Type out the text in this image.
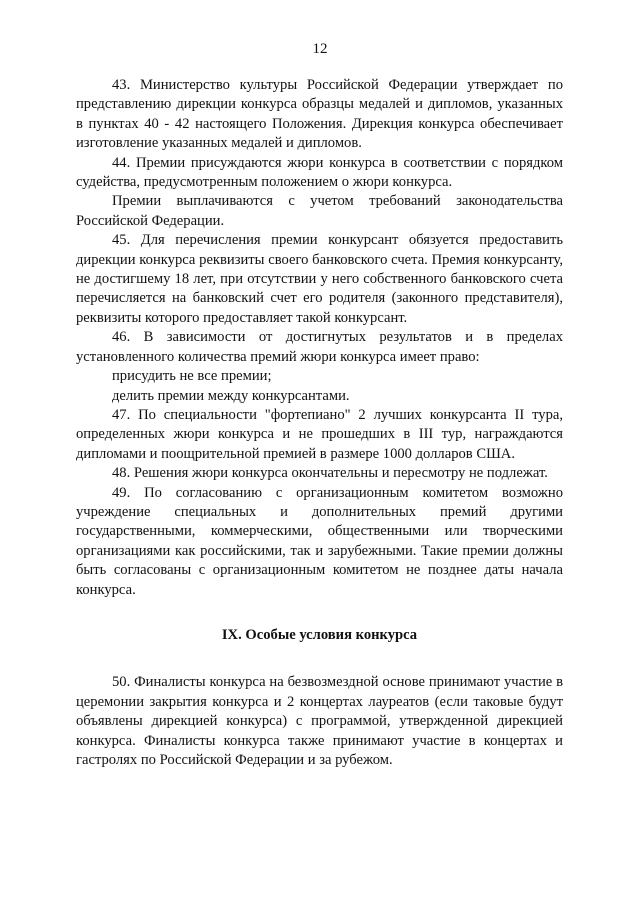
12

43. Министерство культуры Российской Федерации утверждает по представлению дирекции конкурса образцы медалей и дипломов, указанных в пунктах 40 - 42 настоящего Положения. Дирекция конкурса обеспечивает изготовление указанных медалей и дипломов.

44. Премии присуждаются жюри конкурса в соответствии с порядком судейства, предусмотренным положением о жюри конкурса.

Премии выплачиваются с учетом требований законодательства Российской Федерации.

45. Для перечисления премии конкурсант обязуется предоставить дирекции конкурса реквизиты своего банковского счета. Премия конкурсанту, не достигшему 18 лет, при отсутствии у него собственного банковского счета перечисляется на банковский счет его родителя (законного представителя), реквизиты которого предоставляет такой конкурсант.

46. В зависимости от достигнутых результатов и в пределах установленного количества премий жюри конкурса имеет право:

присудить не все премии;

делить премии между конкурсантами.

47. По специальности "фортепиано" 2 лучших конкурсанта II тура, определенных жюри конкурса и не прошедших в III тур, награждаются дипломами и поощрительной премией в размере 1000 долларов США.

48. Решения жюри конкурса окончательны и пересмотру не подлежат.

49. По согласованию с организационным комитетом возможно учреждение специальных и дополнительных премий другими государственными, коммерческими, общественными или творческими организациями как российскими, так и зарубежными. Такие премии должны быть согласованы с организационным комитетом не позднее даты начала конкурса.

IX. Особые условия конкурса

50. Финалисты конкурса на безвозмездной основе принимают участие в церемонии закрытия конкурса и 2 концертах лауреатов (если таковые будут объявлены дирекцией конкурса) с программой, утвержденной дирекцией конкурса. Финалисты конкурса также принимают участие в концертах и гастролях по Российской Федерации и за рубежом.
